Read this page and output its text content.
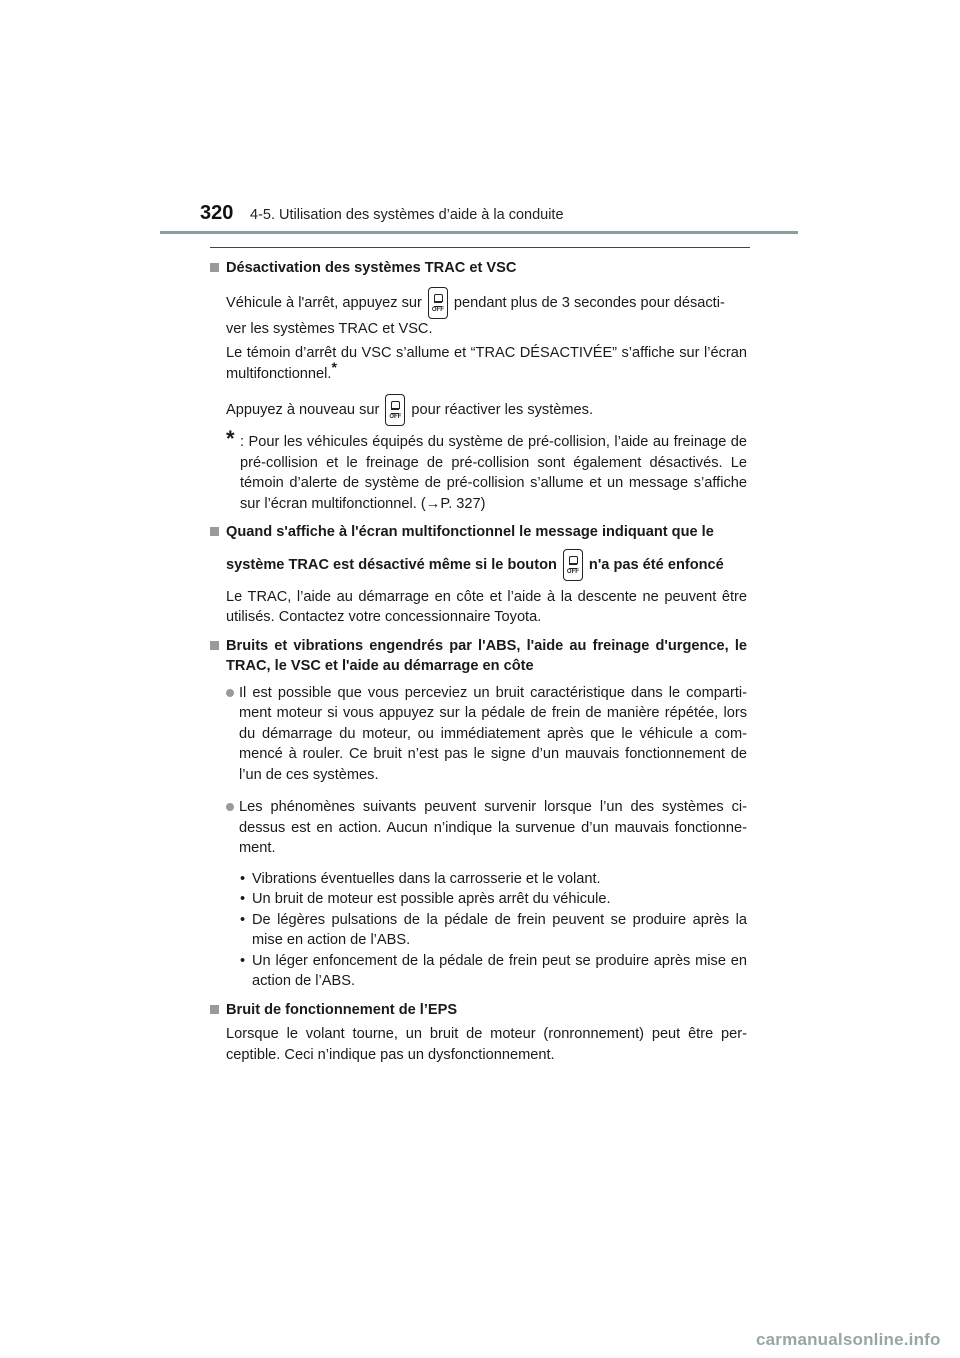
320 4-5. Utilisation des systèmes d’aide à la conduite

Désactivation des systèmes TRAC et VSC

Véhicule à l'arrêt, appuyez sur	OFF pendant plus de 3 secondes pour désacti-

ver les systèmes TRAC et VSC.

Le témoin d’arrêt du VSC s’allume et “TRAC DÉSACTIVÉE” s’affiche sur l’écran multifonctionnel.*

Appuyez à nouveau sur	OFF pour réactiver les systèmes.

* : Pour les véhicules équipés du système de pré-collision, l’aide au freinage de pré-collision et le freinage de pré-collision sont également désactivés. Le témoin d’alerte de système de pré-collision s’allume et un message s’affiche sur l’écran multifonctionnel. (→P. 327)

Quand s'affiche à l'écran multifonctionnel le message indiquant que le

système TRAC est désactivé même si le bouton	OFF n'a pas été enfoncé

Le TRAC, l’aide au démarrage en côte et l’aide à la descente ne peuvent être utilisés. Contactez votre concessionnaire Toyota.

Bruits et vibrations engendrés par l'ABS, l'aide au freinage d'urgence, le TRAC, le VSC et l'aide au démarrage en côte

Il est possible que vous perceviez un bruit caractéristique dans le comparti-ment moteur si vous appuyez sur la pédale de frein de manière répétée, lors du démarrage du moteur, ou immédiatement après que le véhicule a com-mencé à rouler. Ce bruit n’est pas le signe d’un mauvais fonctionnement de l’un de ces systèmes.

Les phénomènes suivants peuvent survenir lorsque l’un des systèmes ci-dessus est en action. Aucun n’indique la survenue d’un mauvais fonctionne-ment.

• Vibrations éventuelles dans la carrosserie et le volant.

• Un bruit de moteur est possible après arrêt du véhicule.

• De légères pulsations de la pédale de frein peuvent se produire après la mise en action de l’ABS.

• Un léger enfoncement de la pédale de frein peut se produire après mise en action de l’ABS.

Bruit de fonctionnement de l’EPS

Lorsque le volant tourne, un bruit de moteur (ronronnement) peut être per-ceptible. Ceci n’indique pas un dysfonctionnement.

carmanualsonline.info
